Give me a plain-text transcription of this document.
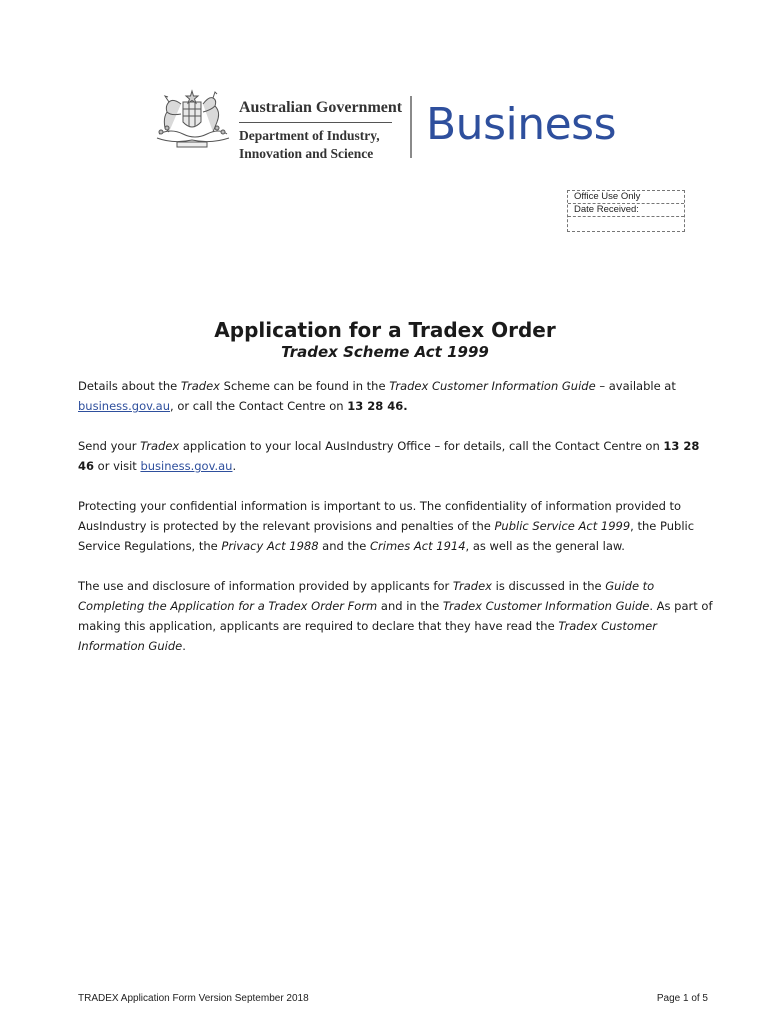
Australian Government
Department of Industry,
Innovation and Science
Business
Office Use Only
Date Received:
Application for a Tradex Order
Tradex Scheme Act 1999
Details about the Tradex Scheme can be found in the Tradex Customer Information Guide – available at business.gov.au, or call the Contact Centre on 13 28 46.
Send your Tradex application to your local AusIndustry Office – for details, call the Contact Centre on 13 28 46 or visit business.gov.au.
Protecting your confidential information is important to us. The confidentiality of information provided to AusIndustry is protected by the relevant provisions and penalties of the Public Service Act 1999, the Public Service Regulations, the Privacy Act 1988 and the Crimes Act 1914, as well as the general law.
The use and disclosure of information provided by applicants for Tradex is discussed in the Guide to Completing the Application for a Tradex Order Form and in the Tradex Customer Information Guide. As part of making this application, applicants are required to declare that they have read the Tradex Customer Information Guide.
TRADEX Application Form Version September 2018	Page 1 of 5
